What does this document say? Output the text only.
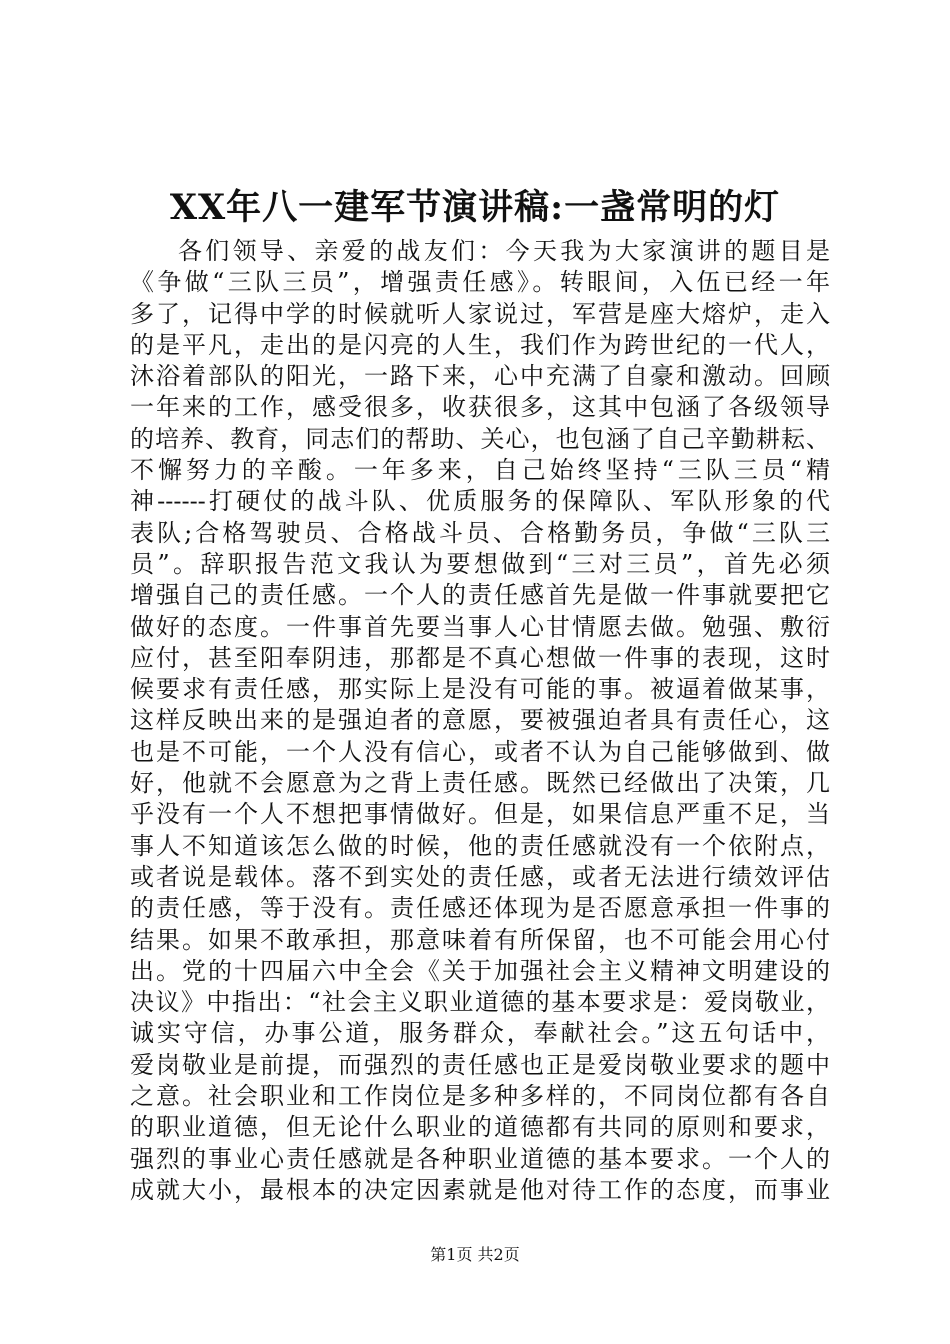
XX年八一建军节演讲稿:一盏常明的灯
各们领导、亲爱的战友们：今天我为大家演讲的题目是
《争做“三队三员”，增强责任感》。转眼间，入伍已经一年
多了，记得中学的时候就听人家说过，军营是座大熔炉，走入
的是平凡，走出的是闪亮的人生，我们作为跨世纪的一代人，
沐浴着部队的阳光，一路下来，心中充满了自豪和激动。回顾
一年来的工作，感受很多，收获很多，这其中包涵了各级领导
的培养、教育，同志们的帮助、关心，也包涵了自己辛勤耕耘、
不懈努力的辛酸。一年多来，自己始终坚持“三队三员“精
神------打硬仗的战斗队、优质服务的保障队、军队形象的代
表队;合格驾驶员、合格战斗员、合格勤务员，争做“三队三
员”。辞职报告范文我认为要想做到“三对三员”，首先必须
增强自己的责任感。一个人的责任感首先是做一件事就要把它
做好的态度。一件事首先要当事人心甘情愿去做。勉强、敷衍
应付，甚至阳奉阴违，那都是不真心想做一件事的表现，这时
候要求有责任感，那实际上是没有可能的事。被逼着做某事，
这样反映出来的是强迫者的意愿，要被强迫者具有责任心，这
也是不可能，一个人没有信心，或者不认为自己能够做到、做
好，他就不会愿意为之背上责任感。既然已经做出了决策，几
乎没有一个人不想把事情做好。但是，如果信息严重不足，当
事人不知道该怎么做的时候，他的责任感就没有一个依附点，
或者说是载体。落不到实处的责任感，或者无法进行绩效评估
的责任感，等于没有。责任感还体现为是否愿意承担一件事的
结果。如果不敢承担，那意味着有所保留，也不可能会用心付
出。党的十四届六中全会《关于加强社会主义精神文明建设的
决议》中指出：“社会主义职业道德的基本要求是：爱岗敬业，
诚实守信，办事公道，服务群众，奉献社会。”这五句话中，
爱岗敬业是前提，而强烈的责任感也正是爱岗敬业要求的题中
之意。社会职业和工作岗位是多种多样的，不同岗位都有各自
的职业道德，但无论什么职业的道德都有共同的原则和要求，
强烈的事业心责任感就是各种职业道德的基本要求。一个人的
成就大小，最根本的决定因素就是他对待工作的态度，而事业
第1页 共2页
